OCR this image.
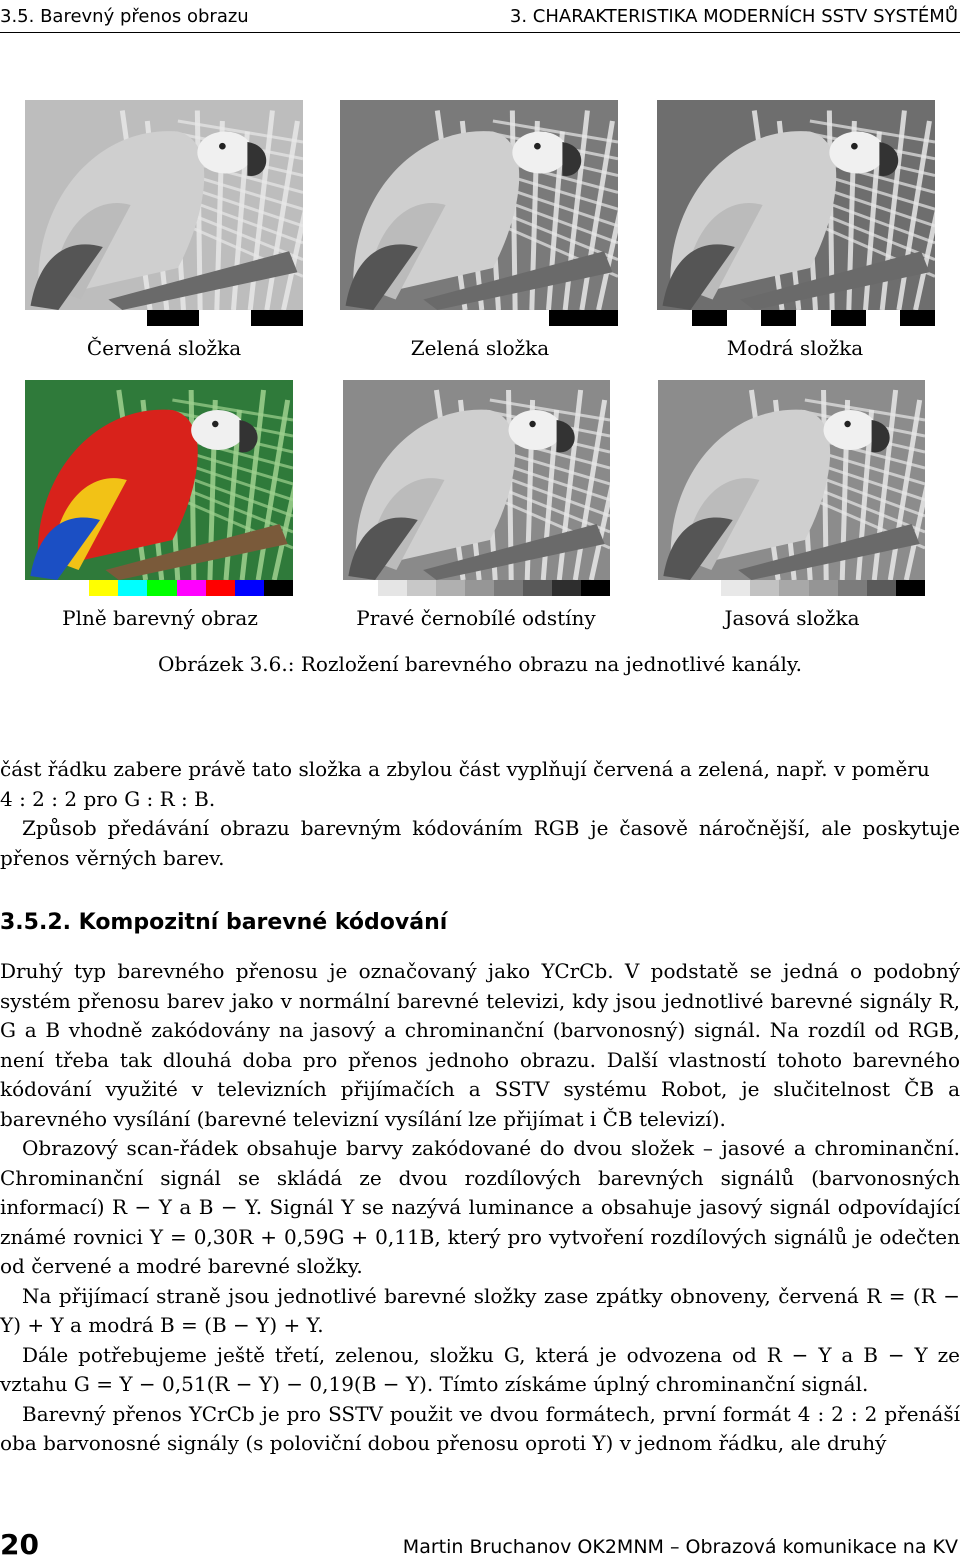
3.5. Barevný přenos obrazu	3. CHARAKTERISTIKA MODERNÍCH SSTV SYSTÉMŮ
Červená složka	Zelená složka	Modrá složka
Plně barevný obraz	Pravé černobílé odstíny	Jasová složka
Obrázek 3.6.: Rozložení barevného obrazu na jednotlivé kanály.

část řádku zabere právě tato složka a zbylou část vyplňují červená a zelená, např. v poměru

4 : 2 : 2 pro G : R : B.

Způsob předávání obrazu barevným kódováním RGB je časově náročnější, ale poskytuje přenos věrných barev.

3.5.2. Kompozitní barevné kódování

Druhý typ barevného přenosu je označovaný jako YCrCb. V podstatě se jedná o podobný systém přenosu barev jako v normální barevné televizi, kdy jsou jednotlivé barevné signály R, G a B vhodně zakódovány na jasový a chrominanční (barvonosný) signál. Na rozdíl od RGB, není třeba tak dlouhá doba pro přenos jednoho obrazu. Další vlastností tohoto barevného kódování využité v televizních přijímačích a SSTV systému Robot, je slučitelnost ČB a barevného vysílání (barevné televizní vysílání lze přijímat i ČB televizí).

Obrazový scan-řádek obsahuje barvy zakódované do dvou složek – jasové a chrominanční. Chrominanční signál se skládá ze dvou rozdílových barevných signálů (barvonosných informací) R − Y a B − Y. Signál Y se nazývá luminance a obsahuje jasový signál odpovídající známé rovnici Y = 0,30R + 0,59G + 0,11B, který pro vytvoření rozdílových signálů je odečten od červené a modré barevné složky.

Na přijímací straně jsou jednotlivé barevné složky zase zpátky obnoveny, červená R = (R − Y) + Y a modrá B = (B − Y) + Y.

Dále potřebujeme ještě třetí, zelenou, složku G, která je odvozena od R − Y a B − Y ze vztahu G = Y − 0,51(R − Y) − 0,19(B − Y). Tímto získáme úplný chrominanční signál.

Barevný přenos YCrCb je pro SSTV použit ve dvou formátech, první formát 4 : 2 : 2 přenáší oba barvonosné signály (s poloviční dobou přenosu oproti Y) v jednom řádku, ale druhý

20	Martin Bruchanov OK2MNM – Obrazová komunikace na KV
